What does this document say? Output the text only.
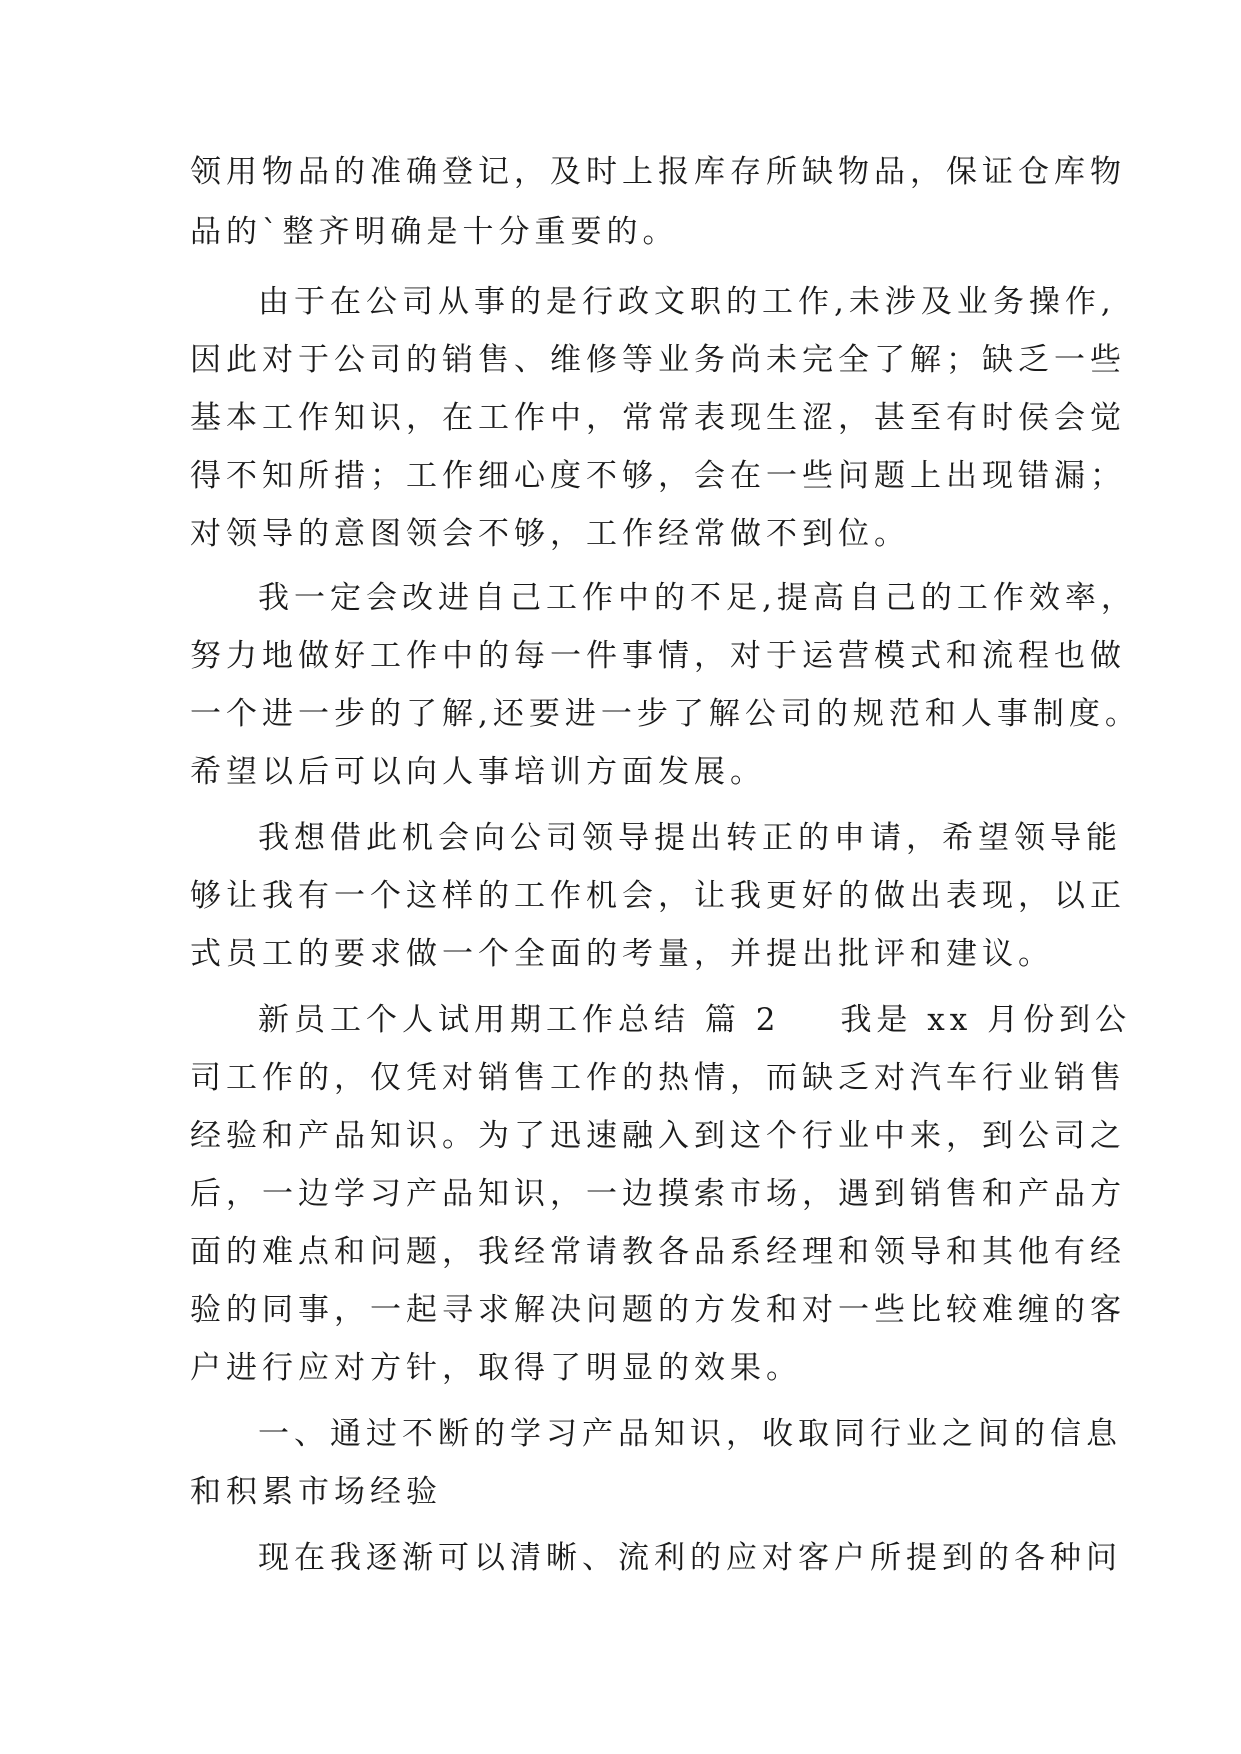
领用物品的准确登记，及时上报库存所缺物品，保证仓库物
品的`整齐明确是十分重要的。
由于在公司从事的是行政文职的工作,未涉及业务操作,
因此对于公司的销售、维修等业务尚未完全了解；缺乏一些
基本工作知识，在工作中，常常表现生涩，甚至有时侯会觉
得不知所措；工作细心度不够，会在一些问题上出现错漏；
对领导的意图领会不够，工作经常做不到位。
我一定会改进自己工作中的不足,提高自己的工作效率，
努力地做好工作中的每一件事情，对于运营模式和流程也做
一个进一步的了解,还要进一步了解公司的规范和人事制度。
希望以后可以向人事培训方面发展。
我想借此机会向公司领导提出转正的申请，希望领导能
够让我有一个这样的工作机会，让我更好的做出表现，以正
式员工的要求做一个全面的考量，并提出批评和建议。
新员工个人试用期工作总结 篇 2 我是 xx 月份到公
司工作的，仅凭对销售工作的热情，而缺乏对汽车行业销售
经验和产品知识。为了迅速融入到这个行业中来，到公司之
后，一边学习产品知识，一边摸索市场，遇到销售和产品方
面的难点和问题，我经常请教各品系经理和领导和其他有经
验的同事，一起寻求解决问题的方发和对一些比较难缠的客
户进行应对方针，取得了明显的效果。
一、通过不断的学习产品知识，收取同行业之间的信息
和积累市场经验
现在我逐渐可以清晰、流利的应对客户所提到的各种问
